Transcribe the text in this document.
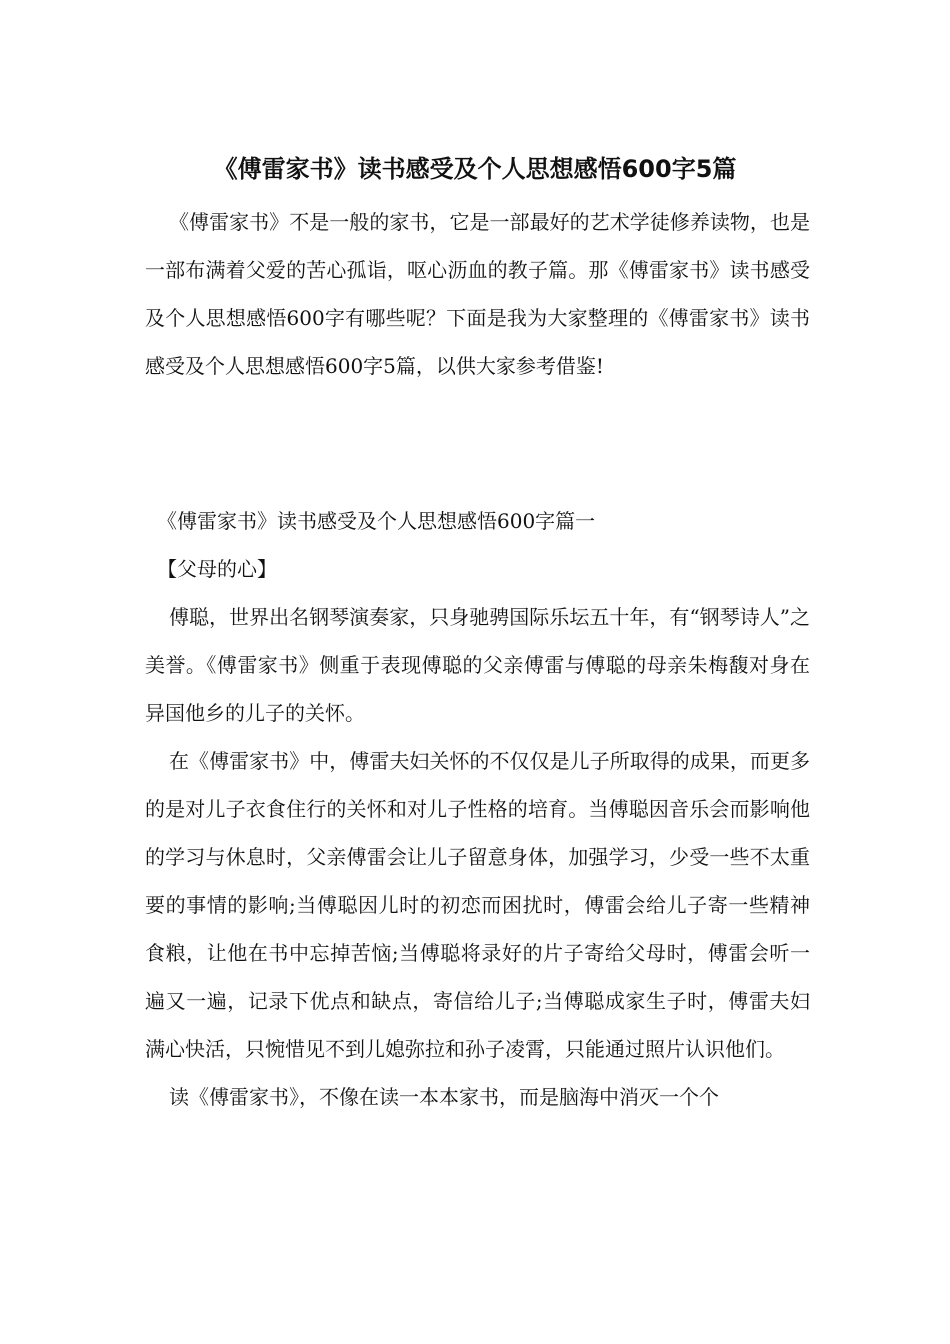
《傅雷家书》读书感受及个人思想感悟600字5篇

《傅雷家书》不是一般的家书，它是一部最好的艺术学徒修养读物，也是一部布满着父爱的苦心孤诣，呕心沥血的教子篇。那《傅雷家书》读书感受及个人思想感悟600字有哪些呢？下面是我为大家整理的《傅雷家书》读书感受及个人思想感悟600字5篇，以供大家参考借鉴!

《傅雷家书》读书感受及个人思想感悟600字篇一

【父母的心】

傅聪，世界出名钢琴演奏家，只身驰骋国际乐坛五十年，有“钢琴诗人”之美誉。《傅雷家书》侧重于表现傅聪的父亲傅雷与傅聪的母亲朱梅馥对身在异国他乡的儿子的关怀。

在《傅雷家书》中，傅雷夫妇关怀的不仅仅是儿子所取得的成果，而更多的是对儿子衣食住行的关怀和对儿子性格的培育。当傅聪因音乐会而影响他的学习与休息时，父亲傅雷会让儿子留意身体，加强学习，少受一些不太重要的事情的影响;当傅聪因儿时的初恋而困扰时，傅雷会给儿子寄一些精神食粮，让他在书中忘掉苦恼;当傅聪将录好的片子寄给父母时，傅雷会听一遍又一遍，记录下优点和缺点，寄信给儿子;当傅聪成家生子时，傅雷夫妇满心快活，只惋惜见不到儿媳弥拉和孙子凌霄，只能通过照片认识他们。

读《傅雷家书》，不像在读一本本家书，而是脑海中消灭一个个
